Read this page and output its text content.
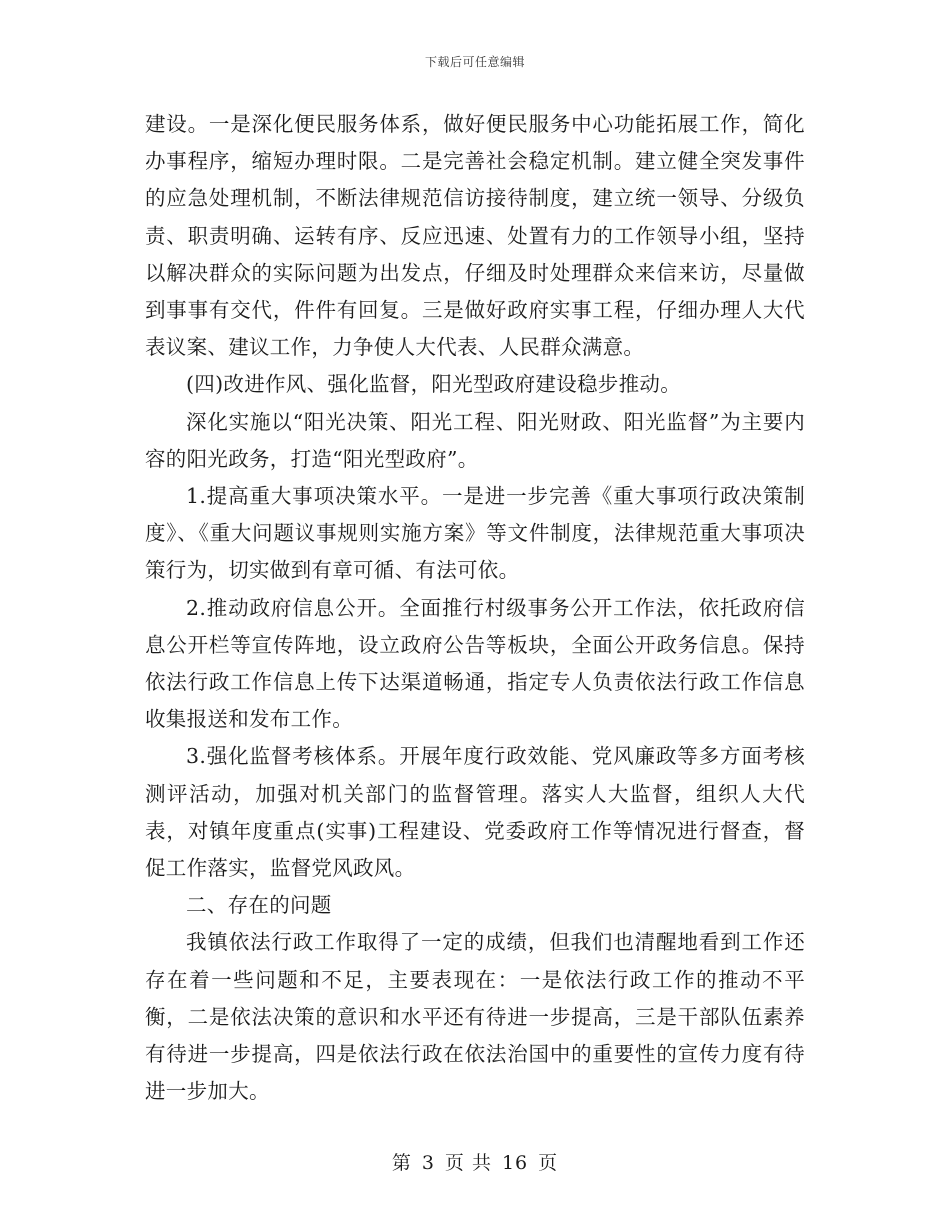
下载后可任意编辑

建设。一是深化便民服务体系，做好便民服务中心功能拓展工作，简化办事程序，缩短办理时限。二是完善社会稳定机制。建立健全突发事件的应急处理机制，不断法律规范信访接待制度，建立统一领导、分级负责、职责明确、运转有序、反应迅速、处置有力的工作领导小组，坚持以解决群众的实际问题为出发点，仔细及时处理群众来信来访，尽量做到事事有交代，件件有回复。三是做好政府实事工程，仔细办理人大代表议案、建议工作，力争使人大代表、人民群众满意。

(四)改进作风、强化监督，阳光型政府建设稳步推动。

深化实施以“阳光决策、阳光工程、阳光财政、阳光监督”为主要内容的阳光政务，打造“阳光型政府”。

1.提高重大事项决策水平。一是进一步完善《重大事项行政决策制度》、《重大问题议事规则实施方案》等文件制度，法律规范重大事项决策行为，切实做到有章可循、有法可依。

2.推动政府信息公开。全面推行村级事务公开工作法，依托政府信息公开栏等宣传阵地，设立政府公告等板块，全面公开政务信息。保持依法行政工作信息上传下达渠道畅通，指定专人负责依法行政工作信息收集报送和发布工作。

3.强化监督考核体系。开展年度行政效能、党风廉政等多方面考核测评活动，加强对机关部门的监督管理。落实人大监督，组织人大代表，对镇年度重点(实事)工程建设、党委政府工作等情况进行督查，督促工作落实，监督党风政风。

二、存在的问题

我镇依法行政工作取得了一定的成绩，但我们也清醒地看到工作还存在着一些问题和不足，主要表现在：一是依法行政工作的推动不平衡，二是依法决策的意识和水平还有待进一步提高，三是干部队伍素养有待进一步提高，四是依法行政在依法治国中的重要性的宣传力度有待进一步加大。

第 3 页 共 16 页
